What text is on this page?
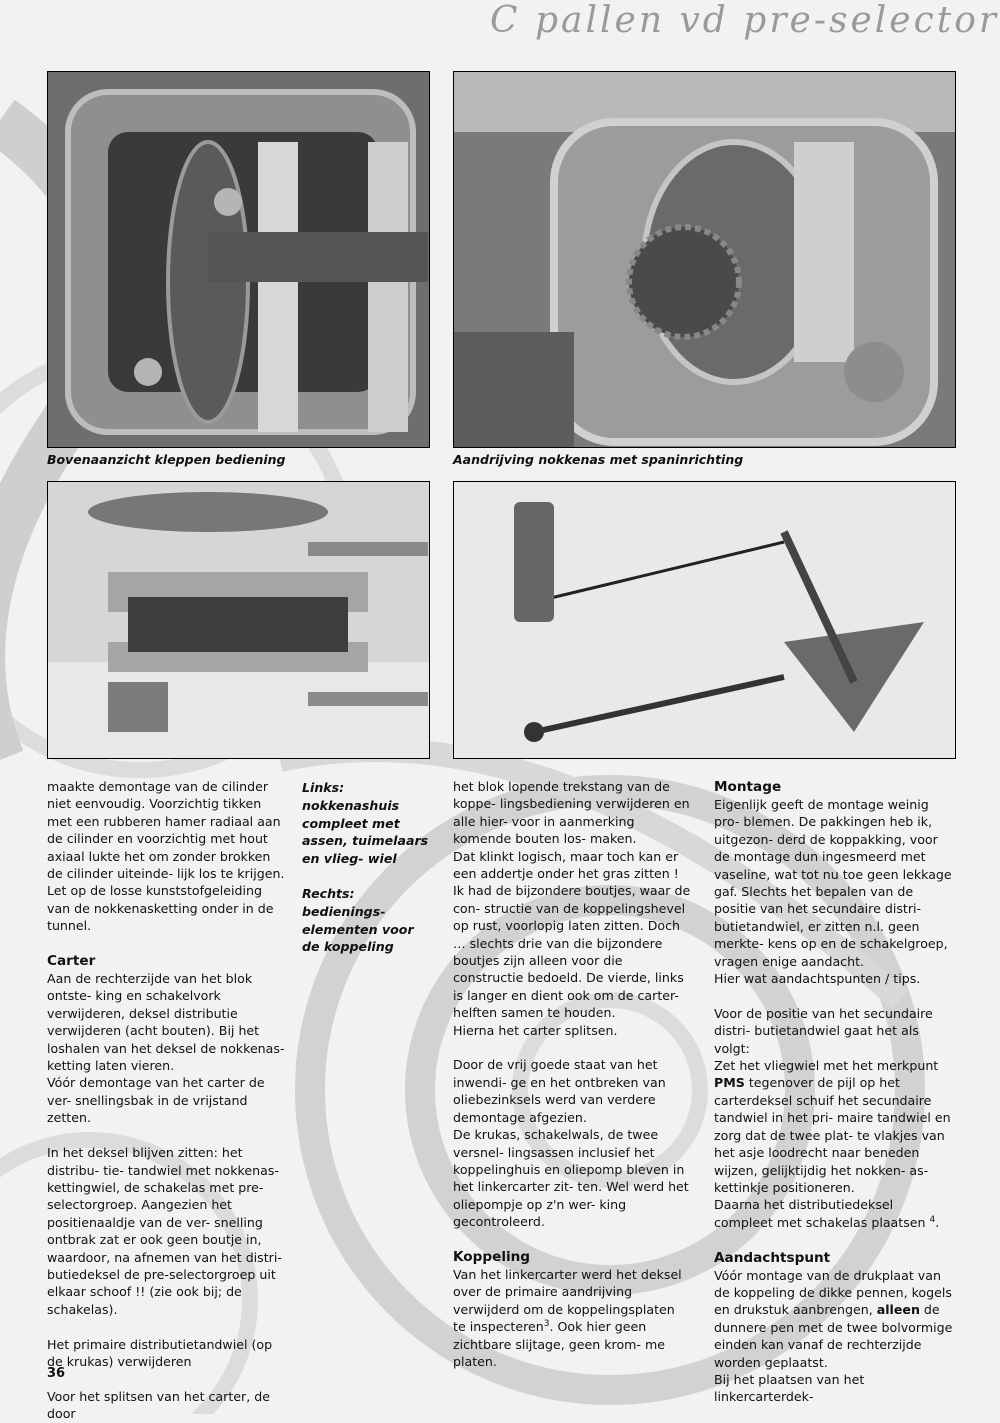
C pallen vd pre-selector
Bovenaanzicht kleppen bediening	Aandrijving nokkenas met spaninrichting

maakte demontage van de cilinder niet eenvoudig. Voorzichtig tikken met een rubberen hamer radiaal aan de cilinder en voorzichtig met hout axiaal lukte het om zonder brokken de cilinder uiteinde- lijk los te krijgen.

Let op de losse kunststofgeleiding van de nokkenasketting onder in de tunnel.

Carter

Aan de rechterzijde van het blok ontste- king en schakelvork verwijderen, deksel distributie verwijderen (acht bouten). Bij het loshalen van het deksel de nokkenas- ketting laten vieren.

Vóór demontage van het carter de ver- snellingsbak in de vrijstand zetten.

In het deksel blijven zitten: het distribu- tie- tandwiel met nokkenas-kettingwiel, de schakelas met pre-selectorgroep. Aangezien het positienaaldje van de ver- snelling ontbrak zat er ook geen boutje in, waardoor, na afnemen van het distri- butiedeksel de pre-selectorgroep uit elkaar schoof !! (zie ook bij; de schakelas).

Het primaire distributietandwiel (op de krukas) verwijderen

Voor het splitsen van het carter, de door

Links: nokkenashuis compleet met assen, tuimelaars en vlieg- wiel

Rechts: bedienings- elementen voor de koppeling

het blok lopende trekstang van de koppe- lingsbediening verwijderen en alle hier- voor in aanmerking komende bouten los- maken.

Dat klinkt logisch, maar toch kan er een addertje onder het gras zitten !

Ik had de bijzondere boutjes, waar de con- structie van de koppelingshevel op rust, voorlopig laten zitten. Doch … slechts drie van die bijzondere boutjes zijn alleen voor die constructie bedoeld. De vierde, links is langer en dient ook om de carter- helften samen te houden.

Hierna het carter splitsen.

Door de vrij goede staat van het inwendi- ge en het ontbreken van oliebezinksels werd van verdere demontage afgezien.

De krukas, schakelwals, de twee versnel- lingsassen inclusief het koppelinghuis en oliepomp bleven in het linkercarter zit- ten. Wel werd het oliepompje op z'n wer- king gecontroleerd.

Koppeling

Van het linkercarter werd het deksel over de primaire aandrijving verwijderd om de koppelingsplaten te inspecteren$^3$. Ook hier geen zichtbare slijtage, geen krom- me platen.

Montage

Eigenlijk geeft de montage weinig pro- blemen. De pakkingen heb ik, uitgezon- derd de koppakking, voor de montage dun ingesmeerd met vaseline, wat tot nu toe geen lekkage gaf. Slechts het bepalen van de positie van het secundaire distri- butietandwiel, er zitten n.l. geen merkte- kens op en de schakelgroep, vragen enige aandacht.

Hier wat aandachtspunten / tips.

Voor de positie van het secundaire distri- butietandwiel gaat het als volgt:

Zet het vliegwiel met het merkpunt PMS tegenover de pijl op het carterdeksel schuif het secundaire tandwiel in het pri- maire tandwiel en zorg dat de twee plat- te vlakjes van het asje loodrecht naar beneden wijzen, gelijktijdig het nokken- as- kettinkje positioneren.

Daarna het distributiedeksel compleet met schakelas plaatsen $^4$.

Aandachtspunt

Vóór montage van de drukplaat van de koppeling de dikke pennen, kogels en drukstuk aanbrengen, alleen de dunnere pen met de twee bolvormige einden kan vanaf de rechterzijde worden geplaatst.

Bij het plaatsen van het linkercarterdek-

36
